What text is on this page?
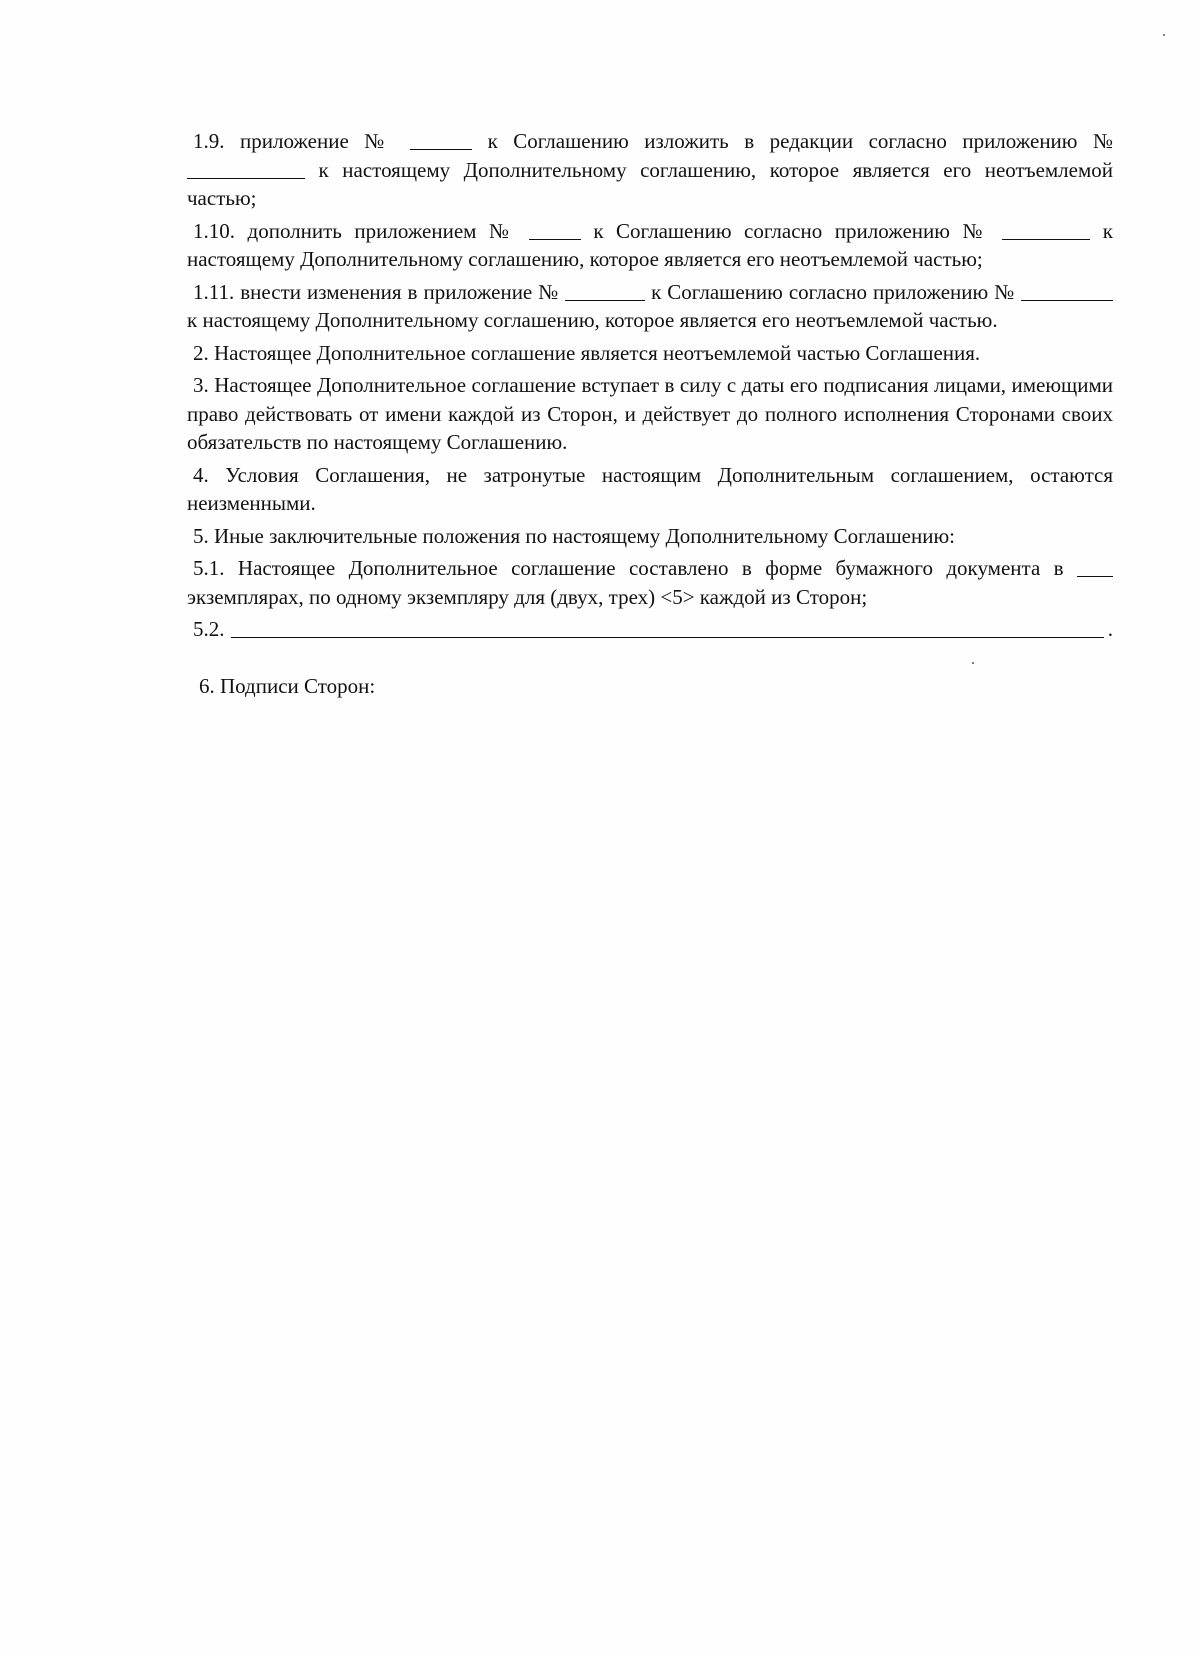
1.9. приложение №	к Соглашению изложить в редакции согласно приложению №  к настоящему Дополнительному соглашению, которое является его неотъемлемой частью;

1.10. дополнить приложением №	к Соглашению согласно приложению №	к настоящему Дополнительному соглашению, которое является его неотъемлемой частью;

1.11. внести изменения в приложение №	к Соглашению согласно приложению №  к настоящему Дополнительному соглашению, которое является его неотъемлемой частью.

2. Настоящее Дополнительное соглашение является неотъемлемой частью Соглашения.

3. Настоящее Дополнительное соглашение вступает в силу с даты его подписания лицами, имеющими право действовать от имени каждой из Сторон, и действует до полного исполнения Сторонами своих обязательств по настоящему Соглашению.

4. Условия Соглашения, не затронутые настоящим Дополнительным соглашением, остаются неизменными.

5. Иные заключительные положения по настоящему Дополнительному Соглашению:

5.1. Настоящее Дополнительное соглашение составлено в форме бумажного документа в  экземплярах, по одному экземпляру для (двух, трех) <5> каждой из Сторон;

5.2.	.

6. Подписи Сторон:
